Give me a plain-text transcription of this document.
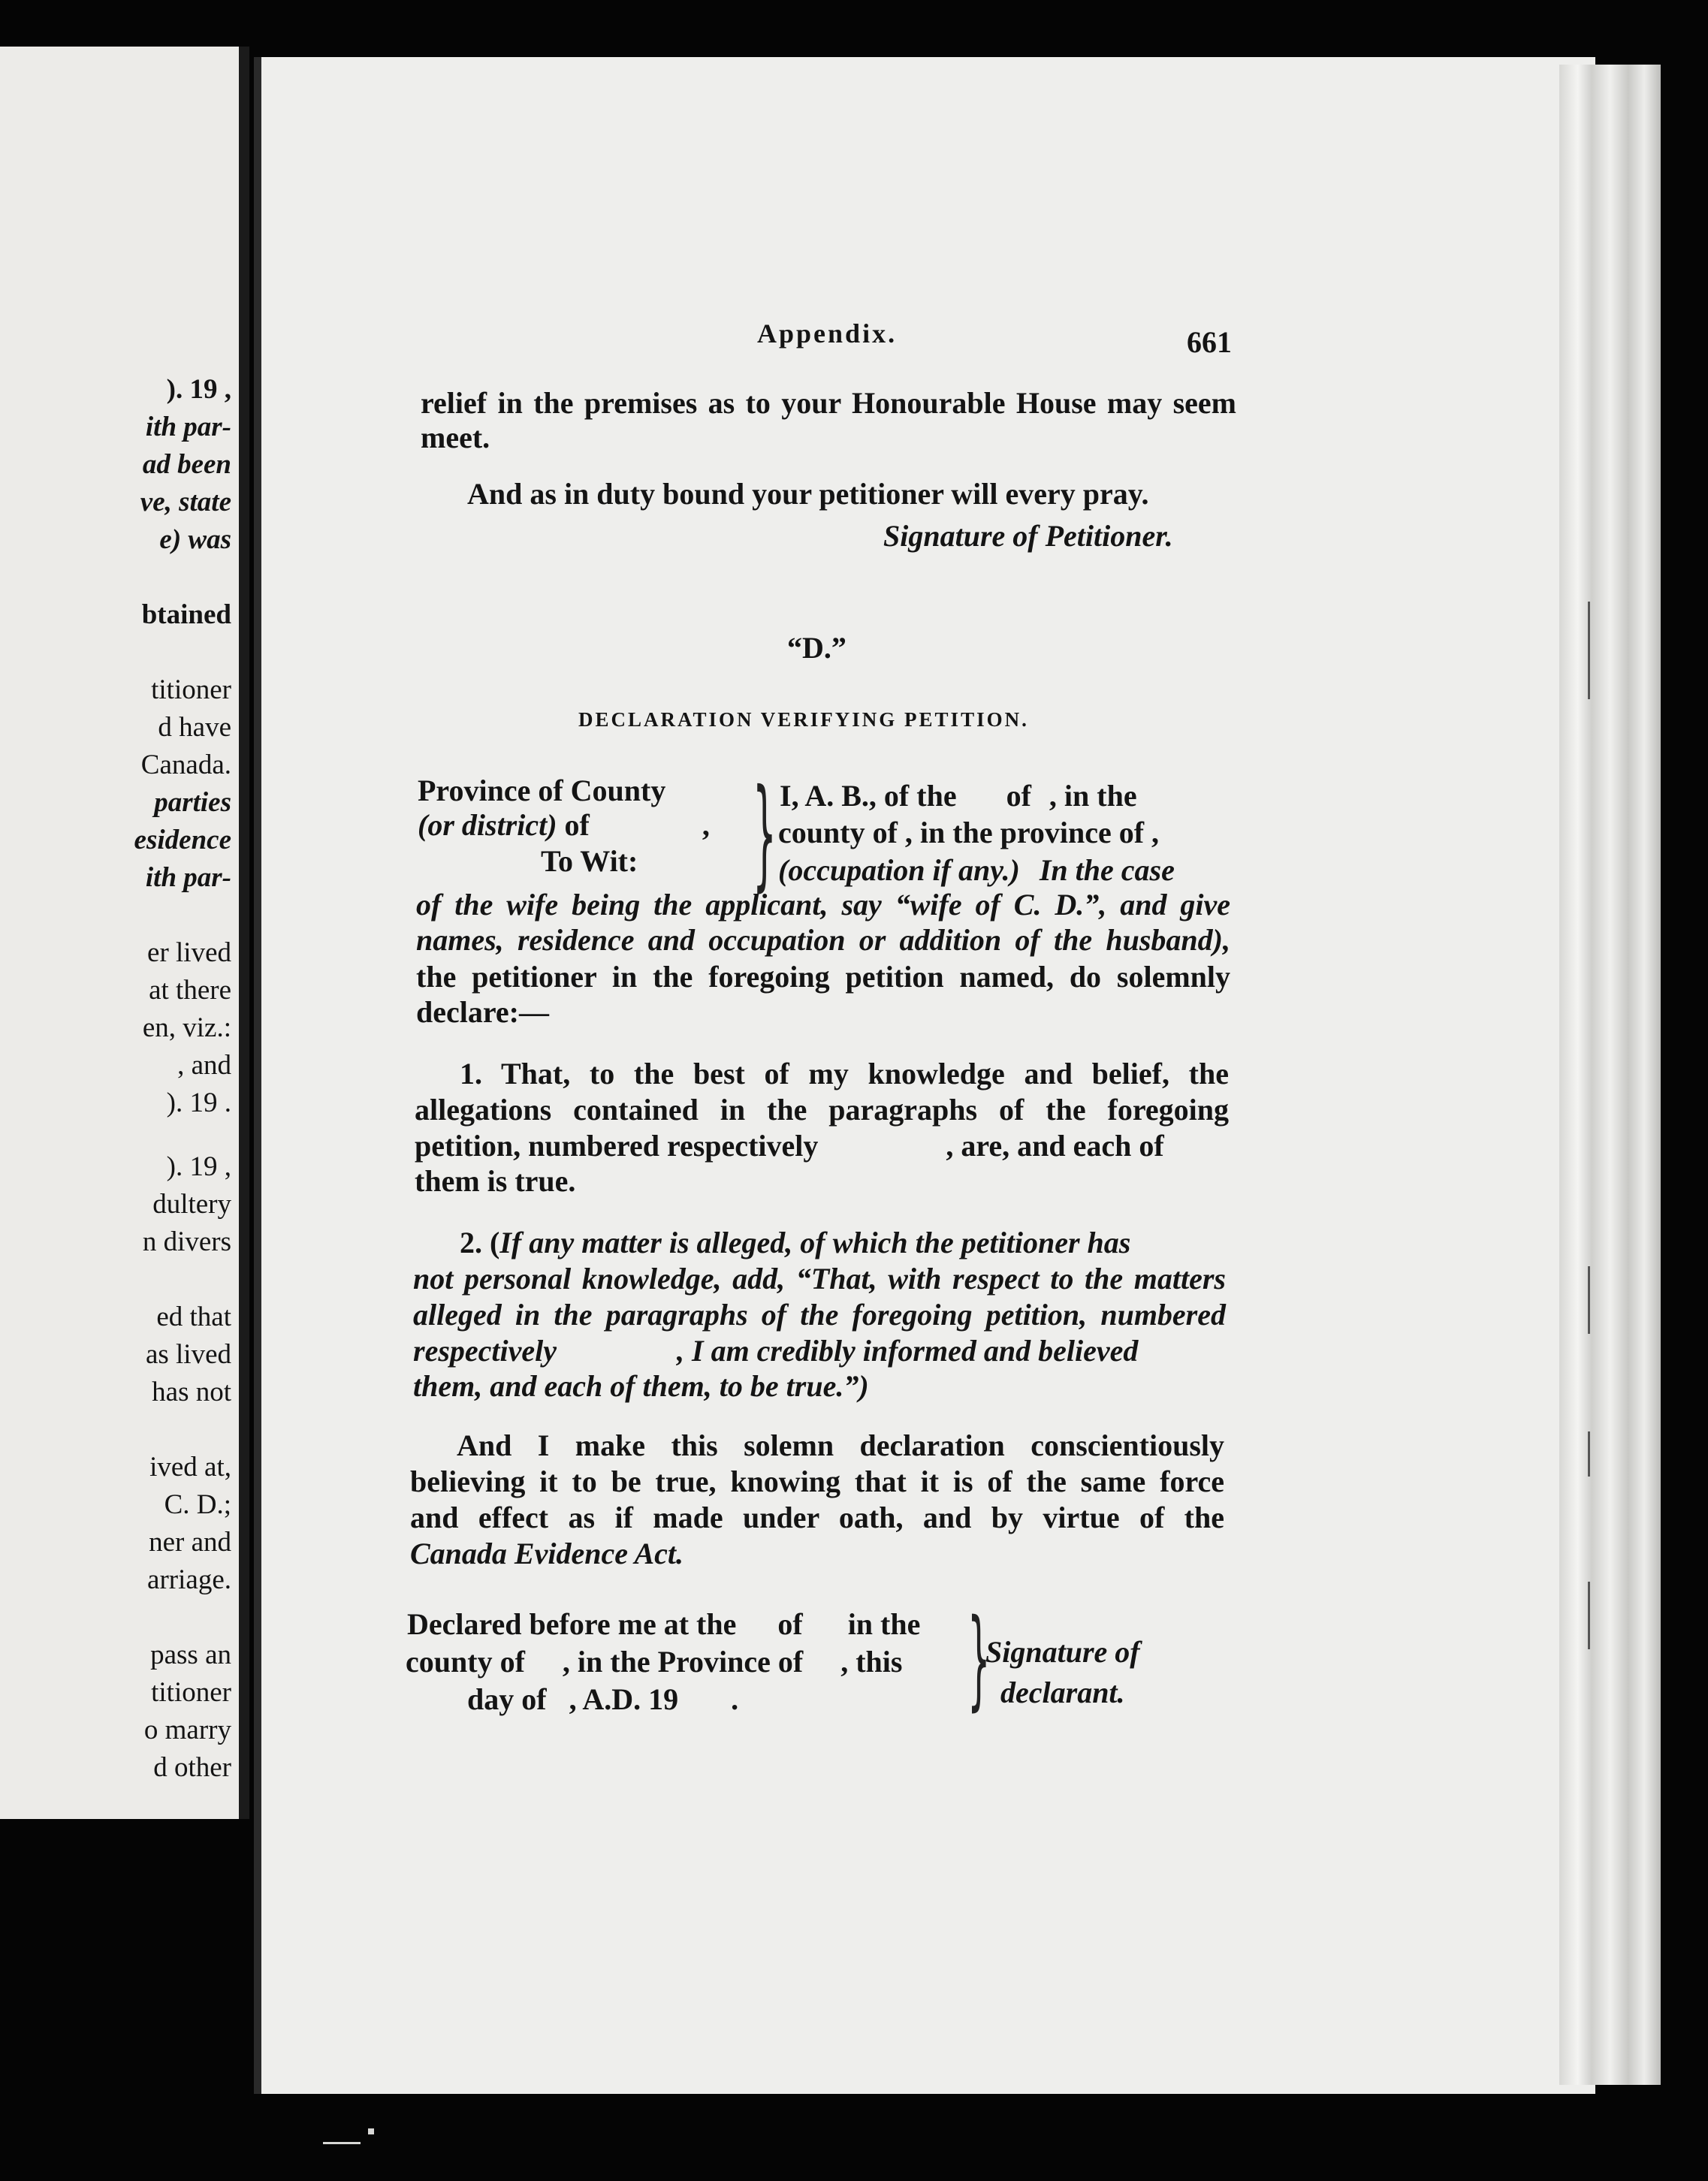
). 19 ,
ith par-
ad been
ve, state
e) was
btained
titioner
d have
Canada.
parties
esidence
ith par-
er lived
at there
en, viz.:
, and
). 19 .
). 19 ,
dultery
n divers
ed that
as lived
has not
ived at,
C. D.;
ner and
arriage.
pass an
titioner
o marry
d other
Appendix.	661
relief in the premises as to your Honourable House may seem
meet.
And as in duty bound your petitioner will every pray.
Signature of Petitioner.
“D.”
DECLARATION VERIFYING PETITION.
Province of County
(or district) of	,
To Wit:	} I, A. B., of the of , in the
county of , in the province of ,
(occupation if any.) In the case
of the wife being the applicant, say “wife of C. D.”, and give
names, residence and occupation or addition of the husband),
the petitioner in the foregoing petition named, do solemnly
declare:—
1. That, to the best of my knowledge and belief, the
allegations contained in the paragraphs of the foregoing
petition, numbered respectively	, are, and each of
them is true.
2. (If any matter is alleged, of which the petitioner has
not personal knowledge, add, “That, with respect to the matters
alleged in the paragraphs of the foregoing petition, numbered
respectively	, I am credibly informed and believed
them, and each of them, to be true.”)
And I make this solemn declaration conscientiously
believing it to be true, knowing that it is of the same force
and effect as if made under oath, and by virtue of the
Canada Evidence Act.
Declared before me at the of in the
county of , in the Province of , this
day of , A.D. 19 .	}
Signature of
declarant.
